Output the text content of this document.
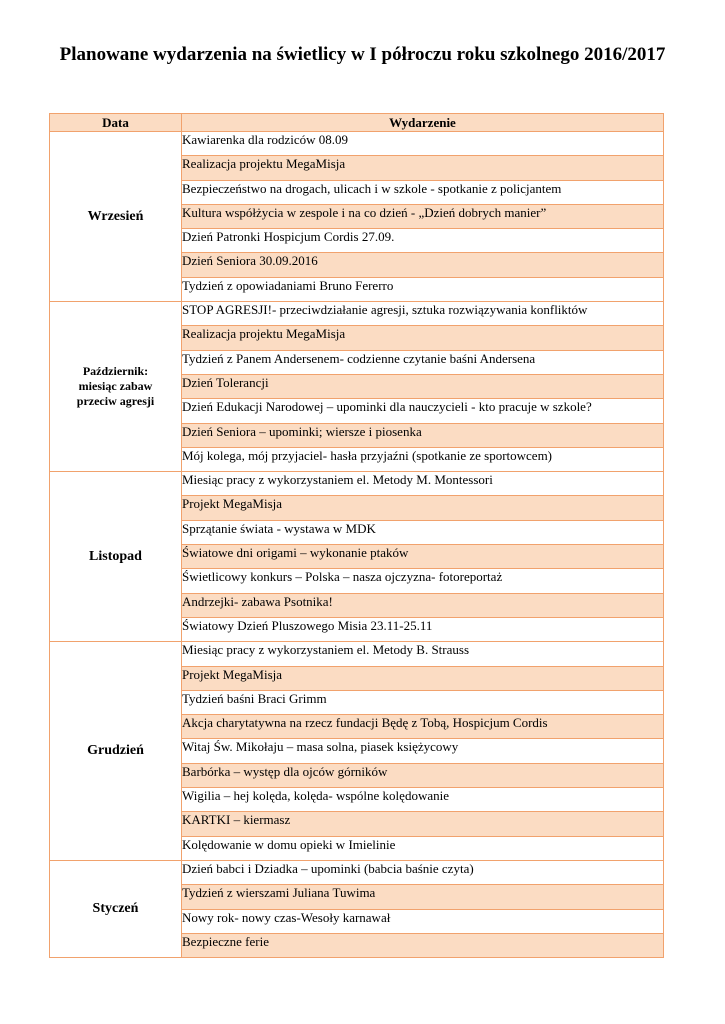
Planowane wydarzenia na świetlicy w I półroczu roku szkolnego 2016/2017
Data	Wydarzenie
Wrzesień	Kawiarenka dla rodziców 08.09
	Realizacja projektu MegaMisja
	Bezpieczeństwo na drogach, ulicach i w szkole - spotkanie z policjantem
	Kultura współżycia w zespole i na co dzień - „Dzień dobrych manier”
	Dzień Patronki Hospicjum Cordis 27.09.
	Dzień Seniora 30.09.2016
	Tydzień z opowiadaniami Bruno Fererro
Październik: miesiąc zabaw przeciw agresji	STOP AGRESJI!- przeciwdziałanie agresji, sztuka rozwiązywania konfliktów
	Realizacja projektu MegaMisja
	Tydzień z Panem Andersenem- codzienne czytanie baśni Andersena
	Dzień Tolerancji
	Dzień Edukacji Narodowej – upominki dla nauczycieli - kto pracuje w szkole?
	Dzień Seniora – upominki; wiersze i piosenka
	Mój kolega, mój przyjaciel- hasła przyjaźni (spotkanie ze sportowcem)
Listopad	Miesiąc pracy z wykorzystaniem el. Metody M. Montessori
	Projekt MegaMisja
	Sprzątanie świata - wystawa w MDK
	Światowe dni origami – wykonanie ptaków
	Świetlicowy konkurs – Polska – nasza ojczyzna- fotoreportaż
	Andrzejki- zabawa Psotnika!
	Światowy Dzień Pluszowego Misia 23.11-25.11
Grudzień	Miesiąc pracy z wykorzystaniem el. Metody B. Strauss
	Projekt MegaMisja
	Tydzień baśni Braci Grimm
	Akcja charytatywna na rzecz fundacji Będę z Tobą, Hospicjum Cordis
	Witaj Św. Mikołaju – masa solna, piasek księżycowy
	Barbórka – występ dla ojców górników
	Wigilia – hej kolęda, kolęda- wspólne kolędowanie
	KARTKI – kiermasz
	Kolędowanie w domu opieki w Imielinie
Styczeń	Dzień babci i Dziadka – upominki (babcia baśnie czyta)
	Tydzień z wierszami Juliana Tuwima
	Nowy rok- nowy czas-Wesoły karnawał
	Bezpieczne ferie
